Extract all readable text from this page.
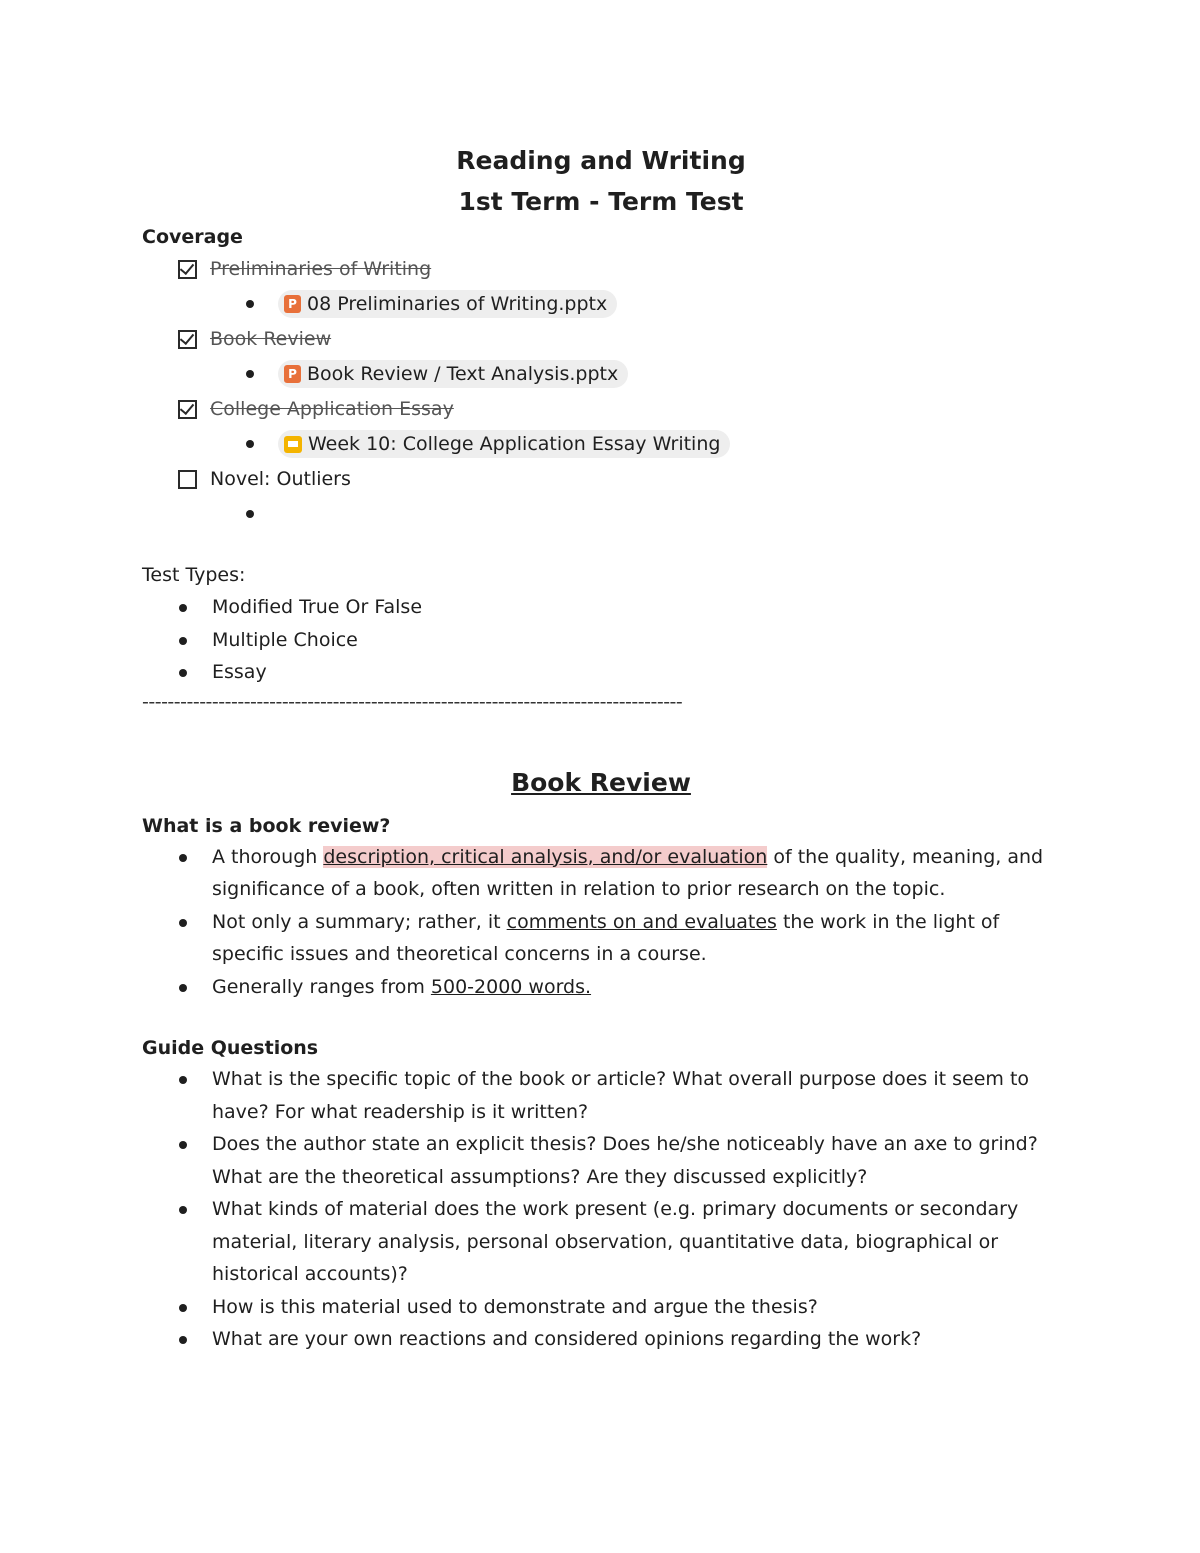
Reading and Writing

1st Term - Term Test

Coverage

Preliminaries of Writing
P 08 Preliminaries of Writing.pptx
Book Review
P Book Review / Text Analysis.pptx
College Application Essay
Week 10: College Application Essay Writing
Novel: Outliers

Test Types:

Modified True Or False
Multiple Choice
Essay
-------------------------------------------------------------------------------------

Book Review

What is a book review?

A thorough description, critical analysis, and/or evaluation of the quality, meaning, and significance of a book, often written in relation to prior research on the topic.
Not only a summary; rather, it comments on and evaluates the work in the light of specific issues and theoretical concerns in a course.
Generally ranges from 500-2000 words.

Guide Questions

What is the specific topic of the book or article? What overall purpose does it seem to have? For what readership is it written?
Does the author state an explicit thesis? Does he/she noticeably have an axe to grind? What are the theoretical assumptions? Are they discussed explicitly?
What kinds of material does the work present (e.g. primary documents or secondary material, literary analysis, personal observation, quantitative data, biographical or historical accounts)?
How is this material used to demonstrate and argue the thesis?
What are your own reactions and considered opinions regarding the work?
